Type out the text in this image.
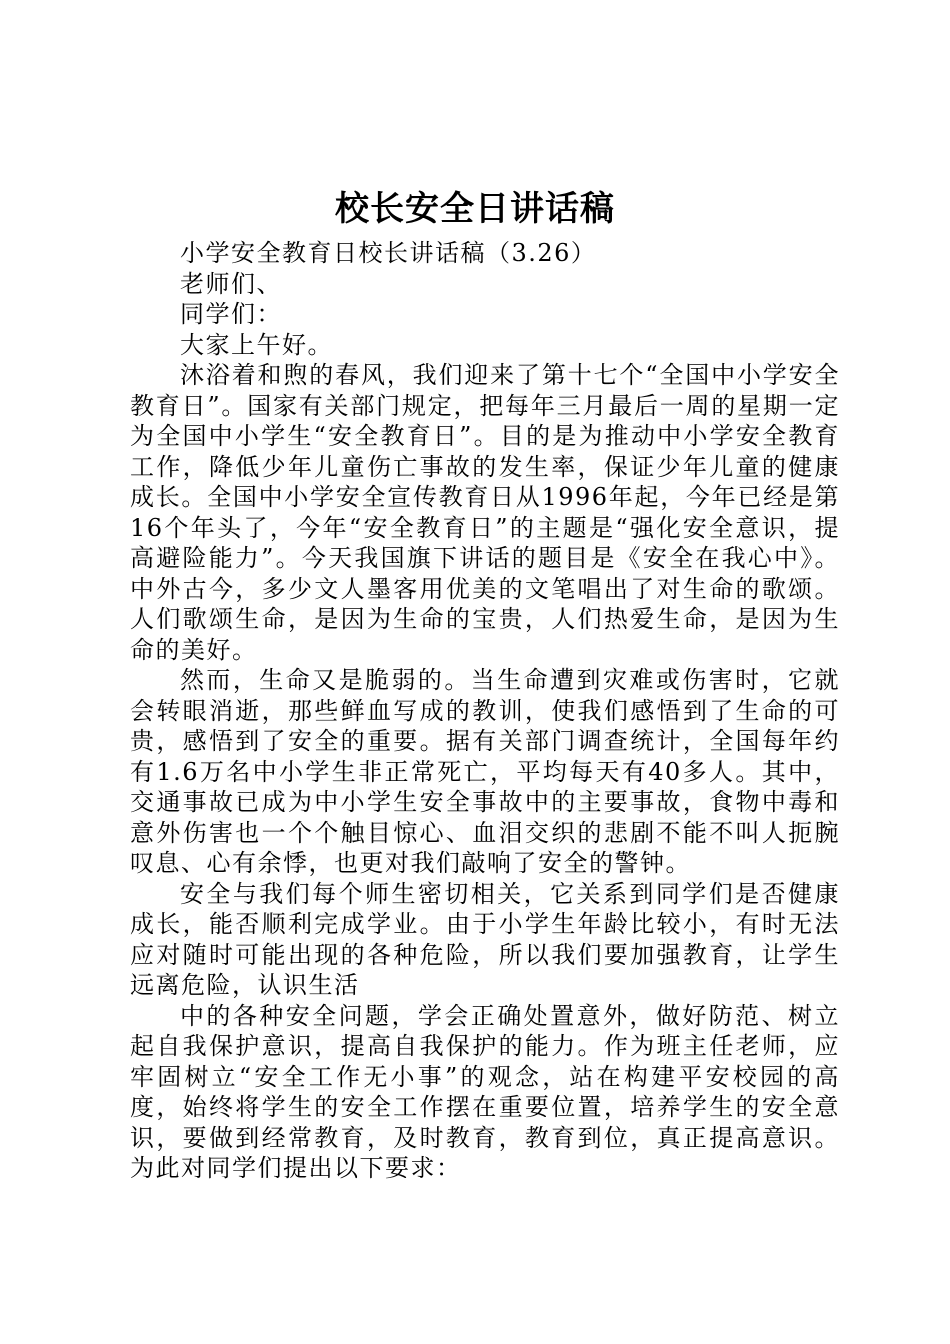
校长安全日讲话稿

小学安全教育日校长讲话稿（3.26）

老师们、

同学们：

大家上午好。

沐浴着和煦的春风，我们迎来了第十七个“全国中小学安全教育日”。国家有关部门规定，把每年三月最后一周的星期一定为全国中小学生“安全教育日”。目的是为推动中小学安全教育工作，降低少年儿童伤亡事故的发生率，保证少年儿童的健康成长。全国中小学安全宣传教育日从1996年起，今年已经是第16个年头了，今年“安全教育日”的主题是“强化安全意识，提高避险能力”。今天我国旗下讲话的题目是《安全在我心中》。中外古今，多少文人墨客用优美的文笔唱出了对生命的歌颂。人们歌颂生命，是因为生命的宝贵，人们热爱生命，是因为生命的美好。

然而，生命又是脆弱的。当生命遭到灾难或伤害时，它就会转眼消逝，那些鲜血写成的教训，使我们感悟到了生命的可贵，感悟到了安全的重要。据有关部门调查统计，全国每年约有1.6万名中小学生非正常死亡，平均每天有40多人。其中，交通事故已成为中小学生安全事故中的主要事故，食物中毒和意外伤害也一个个触目惊心、血泪交织的悲剧不能不叫人扼腕叹息、心有余悸，也更对我们敲响了安全的警钟。

安全与我们每个师生密切相关，它关系到同学们是否健康成长，能否顺利完成学业。由于小学生年龄比较小，有时无法应对随时可能出现的各种危险，所以我们要加强教育，让学生远离危险，认识生活

中的各种安全问题，学会正确处置意外，做好防范、树立起自我保护意识，提高自我保护的能力。作为班主任老师，应牢固树立“安全工作无小事”的观念，站在构建平安校园的高度，始终将学生的安全工作摆在重要位置，培养学生的安全意识，要做到经常教育，及时教育，教育到位，真正提高意识。为此对同学们提出以下要求：
